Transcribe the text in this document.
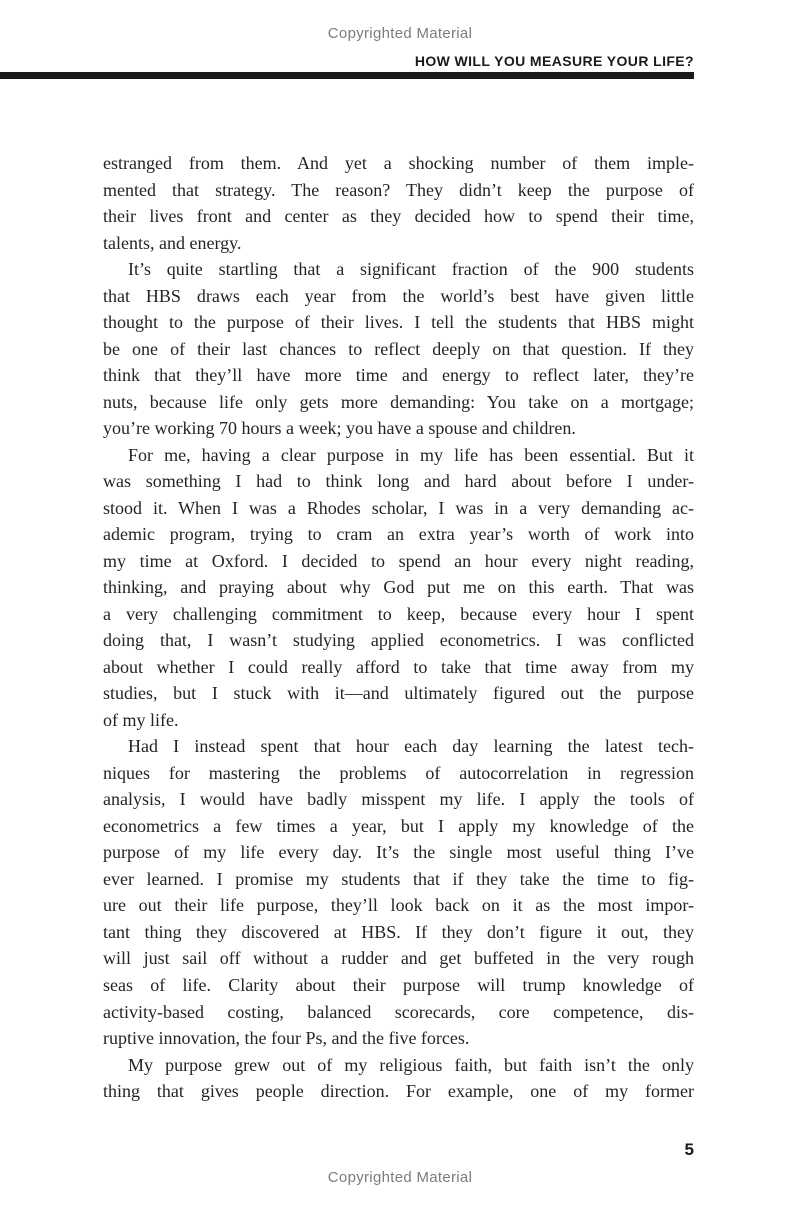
Copyrighted Material
HOW WILL YOU MEASURE YOUR LIFE?
estranged from them. And yet a shocking number of them imple-
mented that strategy. The reason? They didn’t keep the purpose of
their lives front and center as they decided how to spend their time,
talents, and energy.
It’s quite startling that a significant fraction of the 900 students
that HBS draws each year from the world’s best have given little
thought to the purpose of their lives. I tell the students that HBS might
be one of their last chances to reflect deeply on that question. If they
think that they’ll have more time and energy to reflect later, they’re
nuts, because life only gets more demanding: You take on a mortgage;
you’re working 70 hours a week; you have a spouse and children.
For me, having a clear purpose in my life has been essential. But it
was something I had to think long and hard about before I under-
stood it. When I was a Rhodes scholar, I was in a very demanding ac-
ademic program, trying to cram an extra year’s worth of work into
my time at Oxford. I decided to spend an hour every night reading,
thinking, and praying about why God put me on this earth. That was
a very challenging commitment to keep, because every hour I spent
doing that, I wasn’t studying applied econometrics. I was conflicted
about whether I could really afford to take that time away from my
studies, but I stuck with it—and ultimately figured out the purpose
of my life.
Had I instead spent that hour each day learning the latest tech-
niques for mastering the problems of autocorrelation in regression
analysis, I would have badly misspent my life. I apply the tools of
econometrics a few times a year, but I apply my knowledge of the
purpose of my life every day. It’s the single most useful thing I’ve
ever learned. I promise my students that if they take the time to fig-
ure out their life purpose, they’ll look back on it as the most impor-
tant thing they discovered at HBS. If they don’t figure it out, they
will just sail off without a rudder and get buffeted in the very rough
seas of life. Clarity about their purpose will trump knowledge of
activity-based costing, balanced scorecards, core competence, dis-
ruptive innovation, the four Ps, and the five forces.
My purpose grew out of my religious faith, but faith isn’t the only
thing that gives people direction. For example, one of my former
5
Copyrighted Material
